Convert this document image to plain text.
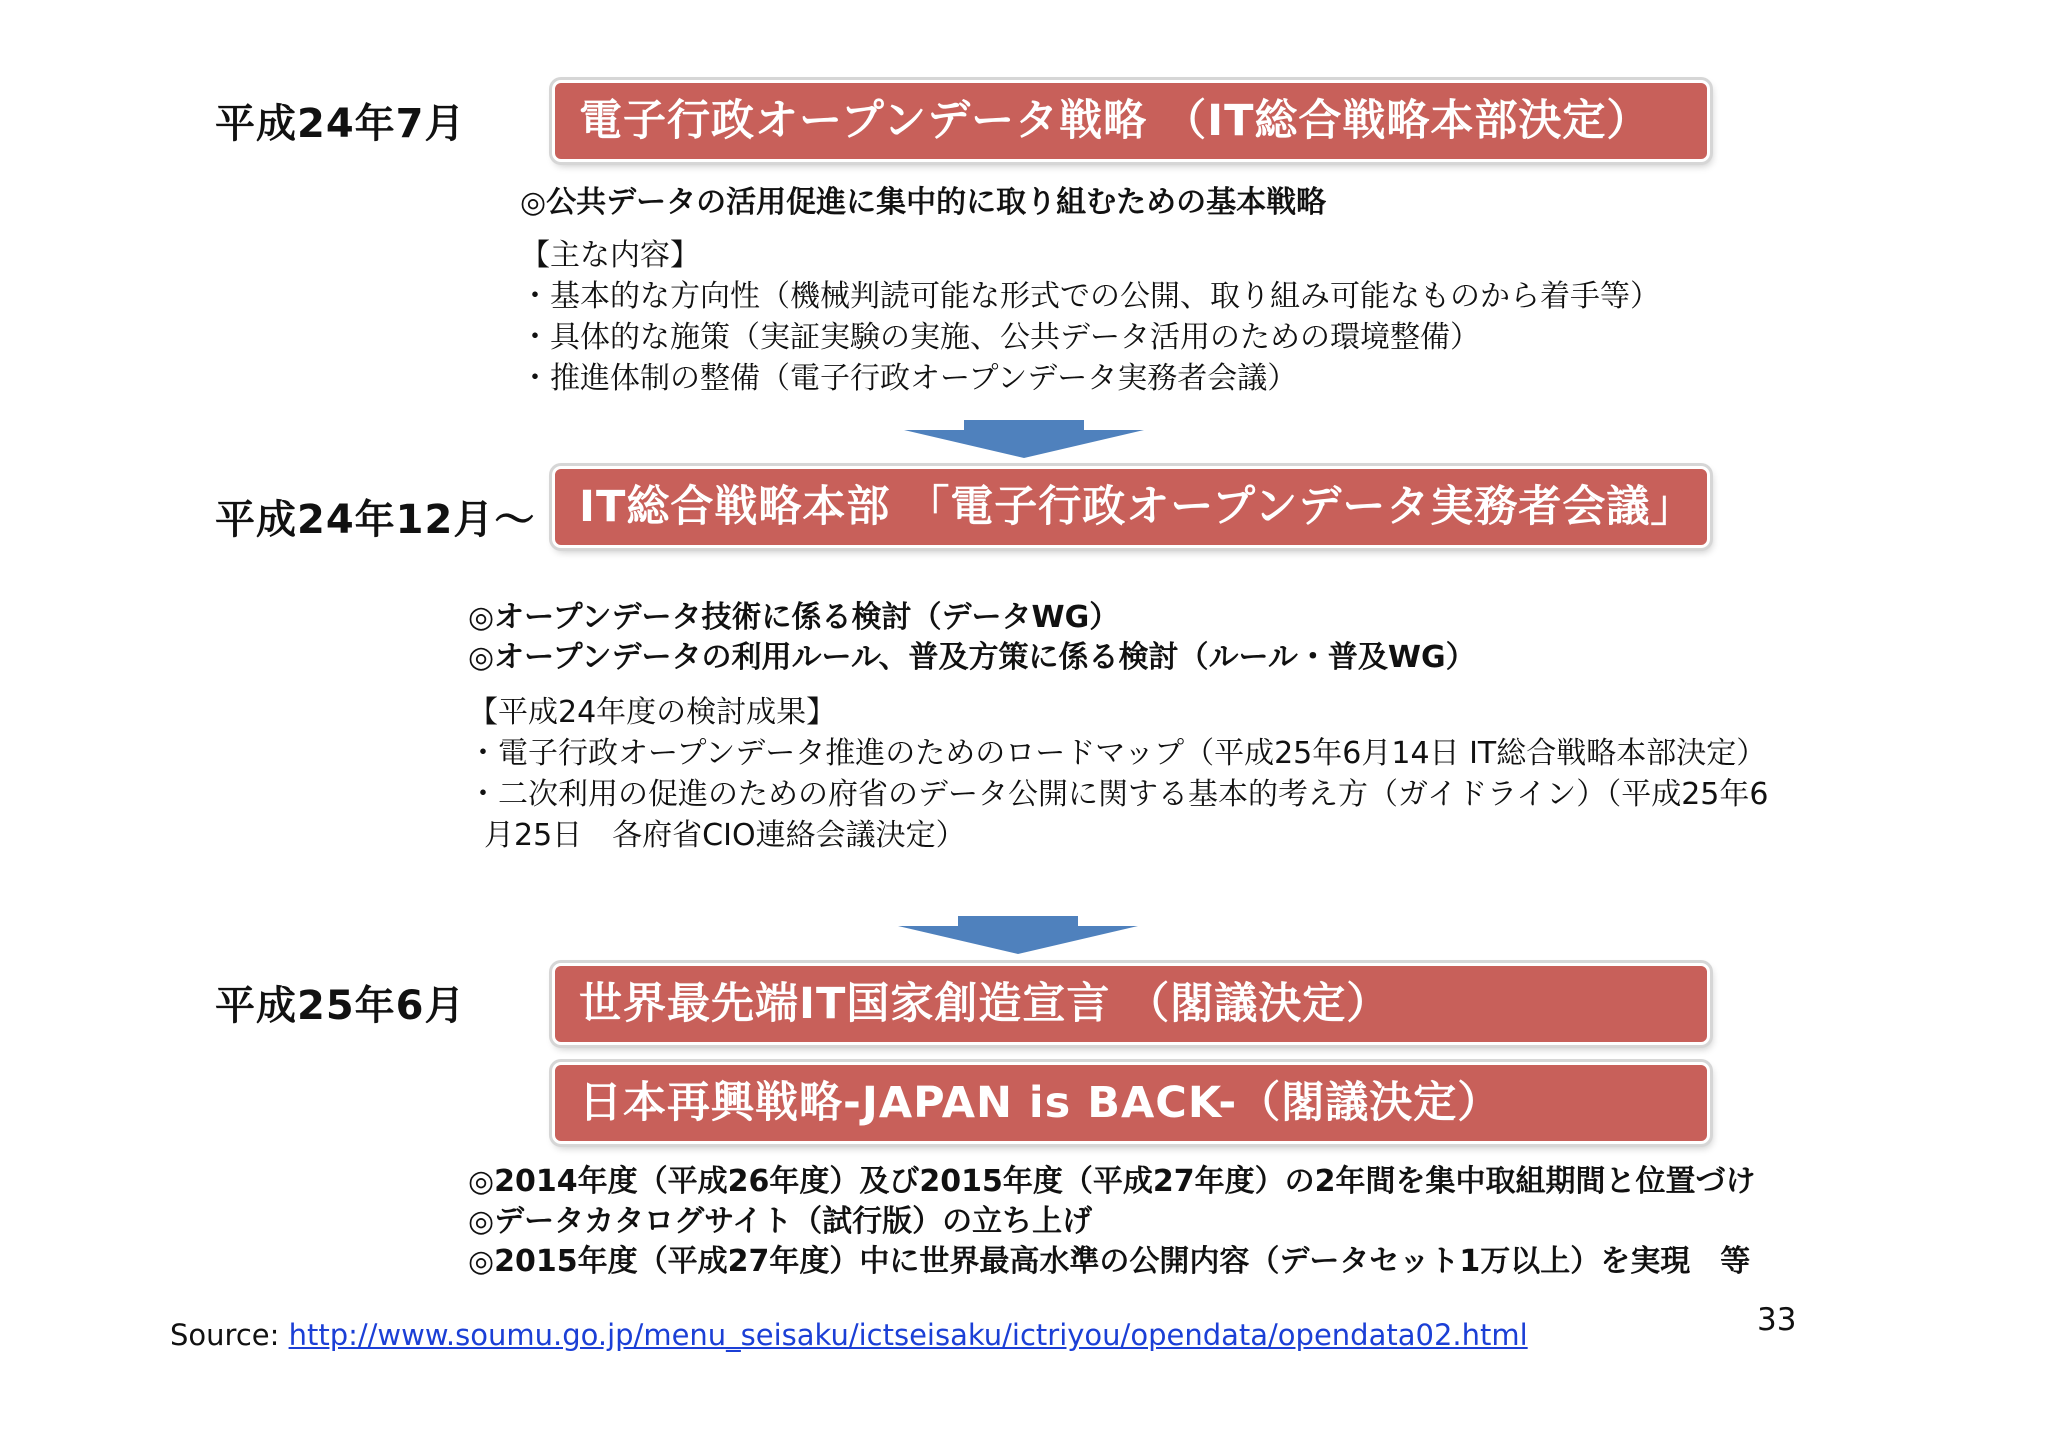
平成24年7月	電子行政オープンデータ戦略 （IT総合戦略本部決定）
◎公共データの活用促進に集中的に取り組むための基本戦略
【主な内容】
・基本的な方向性（機械判読可能な形式での公開、取り組み可能なものから着手等）
・具体的な施策（実証実験の実施、公共データ活用のための環境整備）
・推進体制の整備（電子行政オープンデータ実務者会議）
平成24年12月～	IT総合戦略本部 「電子行政オープンデータ実務者会議」
◎オープンデータ技術に係る検討（データWG）
◎オープンデータの利用ルール、普及方策に係る検討（ルール・普及WG）
【平成24年度の検討成果】
・電子行政オープンデータ推進のためのロードマップ（平成25年6月14日 IT総合戦略本部決定）
・二次利用の促進のための府省のデータ公開に関する基本的考え方（ガイドライン）（平成25年6
月25日　各府省CIO連絡会議決定）
平成25年6月	世界最先端IT国家創造宣言 （閣議決定）
日本再興戦略-JAPAN is BACK-（閣議決定）
◎2014年度（平成26年度）及び2015年度（平成27年度）の2年間を集中取組期間と位置づけ
◎データカタログサイト（試行版）の立ち上げ
◎2015年度（平成27年度）中に世界最高水準の公開内容（データセット1万以上）を実現　等
Source: http://www.soumu.go.jp/menu_seisaku/ictseisaku/ictriyou/opendata/opendata02.html	33
